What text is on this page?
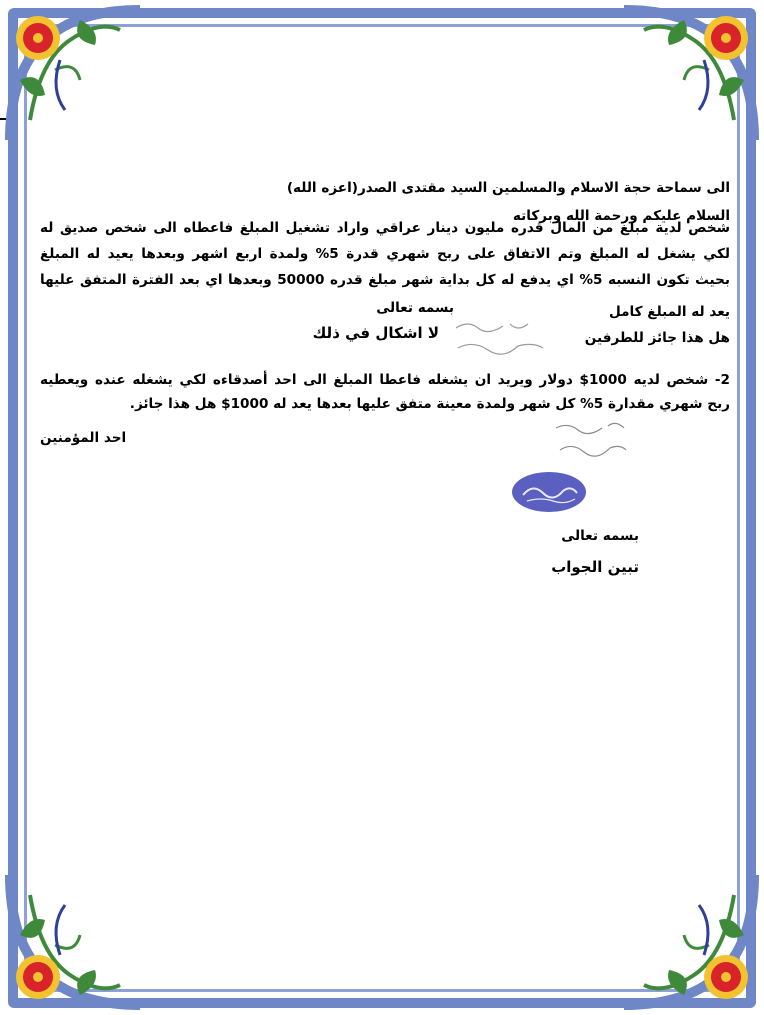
الى سماحة حجة الاسلام والمسلمين السيد مقتدى الصدر(اعزه الله)
السلام عليكم ورحمة الله وبركاته
شخص لدية مبلغ من المال قدره مليون دينار عراقي واراد تشغيل المبلغ فاعطاه الى شخص صديق له
لكي يشغل له المبلغ وتم الاتفاق على ربح شهري قدرة 5% ولمدة اربع اشهر وبعدها يعيد له المبلغ
بحيث تكون النسبه 5% اي يدفع له كل بداية شهر مبلغ قدره 50000 وبعدها اي بعد الفترة المتفق عليها
يعد له المبلغ كامل
هل هذا جائز للطرفين
بسمه تعالى
لا اشكال في ذلك
2- شخص لديه 1000$ دولار ويريد ان يشغله فاعطا المبلغ الى احد أصدقاءه لكي يشغله عنده ويعطيه
ربح شهري مقدارة 5% كل شهر ولمدة معينة متفق عليها بعدها يعد له 1000$ هل هذا جائز.
احد المؤمنين
بسمه تعالى
تبين الجواب
